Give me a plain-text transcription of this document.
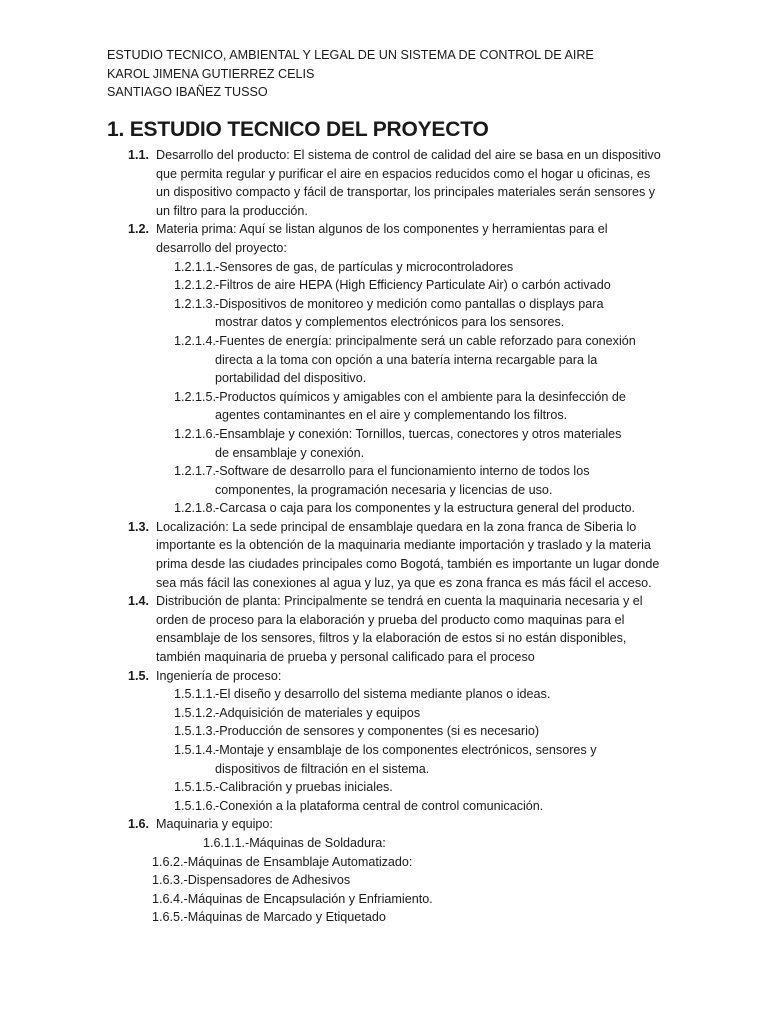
ESTUDIO TECNICO, AMBIENTAL Y LEGAL DE UN SISTEMA DE CONTROL DE AIRE
KAROL JIMENA GUTIERREZ CELIS
SANTIAGO IBAÑEZ TUSSO
1. ESTUDIO TECNICO DEL PROYECTO
1.1. Desarrollo del producto: El sistema de control de calidad del aire se basa en un dispositivo que permita regular y purificar el aire en espacios reducidos como el hogar u oficinas, es un dispositivo compacto y fácil de transportar, los principales materiales serán sensores y un filtro para la producción.
1.2. Materia prima: Aquí se listan algunos de los componentes y herramientas para el desarrollo del proyecto:
1.2.1.1.
-Sensores de gas, de partículas y microcontroladores
1.2.1.2.
-Filtros de aire HEPA (High Efficiency Particulate Air) o carbón activado
1.2.1.3.
-Dispositivos de monitoreo y medición como pantallas o displays para
mostrar datos y complementos electrónicos para los sensores.
1.2.1.4.
-Fuentes de energía: principalmente será un cable reforzado para conexión
directa a la toma con opción a una batería interna recargable para la portabilidad del dispositivo.
1.2.1.5.
-Productos químicos y amigables con el ambiente para la desinfección de
agentes contaminantes en el aire y complementando los filtros.
1.2.1.6.
-Ensamblaje y conexión: Tornillos, tuercas, conectores y otros materiales
de ensamblaje y conexión.
1.2.1.7.
-Software de desarrollo para el funcionamiento interno de todos los
componentes, la programación necesaria y licencias de uso.
1.2.1.8.
-Carcasa o caja para los componentes y la estructura general del producto.
1.3. Localización: La sede principal de ensamblaje quedara en la zona franca de Siberia lo importante es la obtención de la maquinaria mediante importación y traslado y la materia prima desde las ciudades principales como Bogotá, también es importante un lugar donde sea más fácil las conexiones al agua y luz, ya que es zona franca es más fácil el acceso.
1.4. Distribución de planta: Principalmente se tendrá en cuenta la maquinaria necesaria y el orden de proceso para la elaboración y prueba del producto como maquinas para el ensamblaje de los sensores, filtros y la elaboración de estos si no están disponibles, también maquinaria de prueba y personal calificado para el proceso
1.5. Ingeniería de proceso:
1.5.1.1.
-El diseño y desarrollo del sistema mediante planos o ideas.
1.5.1.2.
-Adquisición de materiales y equipos
1.5.1.3.
-Producción de sensores y componentes (si es necesario)
1.5.1.4.
-Montaje y ensamblaje de los componentes electrónicos, sensores y
dispositivos de filtración en el sistema.
1.5.1.5.
-Calibración y pruebas iniciales.
1.5.1.6.
-Conexión a la plataforma central de control comunicación.
1.6. Maquinaria y equipo:
1.6.1.1. -Máquinas de Soldadura:
1.6.2.-Máquinas de Ensamblaje Automatizado:
1.6.3.-Dispensadores de Adhesivos
1.6.4.-Máquinas de Encapsulación y Enfriamiento.
1.6.5.-Máquinas de Marcado y Etiquetado
